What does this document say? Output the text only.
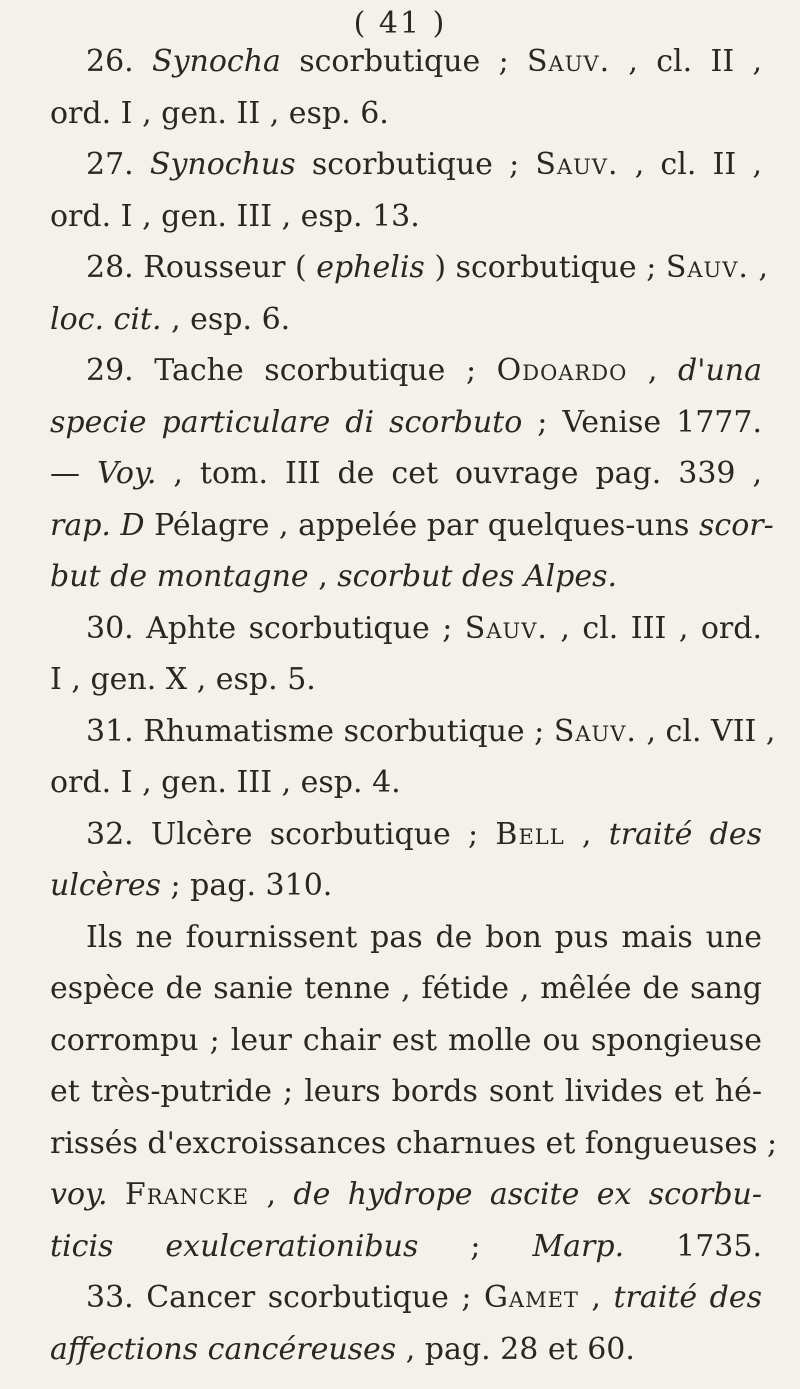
( 41 )
26. Synocha scorbutique ; Sauv. , cl. II ,
ord. I , gen. II , esp. 6.
27. Synochus scorbutique ; Sauv. , cl. II ,
ord. I , gen. III , esp. 13.
28. Rousseur ( ephelis ) scorbutique ; Sauv. ,
loc. cit. , esp. 6.
29. Tache scorbutique ; Odoardo , d'una
specie particulare di scorbuto ; Venise 1777.
— Voy. , tom. III de cet ouvrage pag. 339 ,
rap. D Pélagre , appelée par quelques-uns scor-
but de montagne , scorbut des Alpes.
30. Aphte scorbutique ; Sauv. , cl. III , ord.
I , gen. X , esp. 5.
31. Rhumatisme scorbutique ; Sauv. , cl. VII ,
ord. I , gen. III , esp. 4.
32. Ulcère scorbutique ; Bell , traité des
ulcères ; pag. 310.
Ils ne fournissent pas de bon pus mais une
espèce de sanie tenne , fétide , mêlée de sang
corrompu ; leur chair est molle ou spongieuse
et très-putride ; leurs bords sont livides et hé-
rissés d'excroissances charnues et fongueuses ;
voy. Francke , de hydrope ascite ex scorbu-
ticis exulcerationibus ; Marp. 1735.
33. Cancer scorbutique ; Gamet , traité des
affections cancéreuses , pag. 28 et 60.
